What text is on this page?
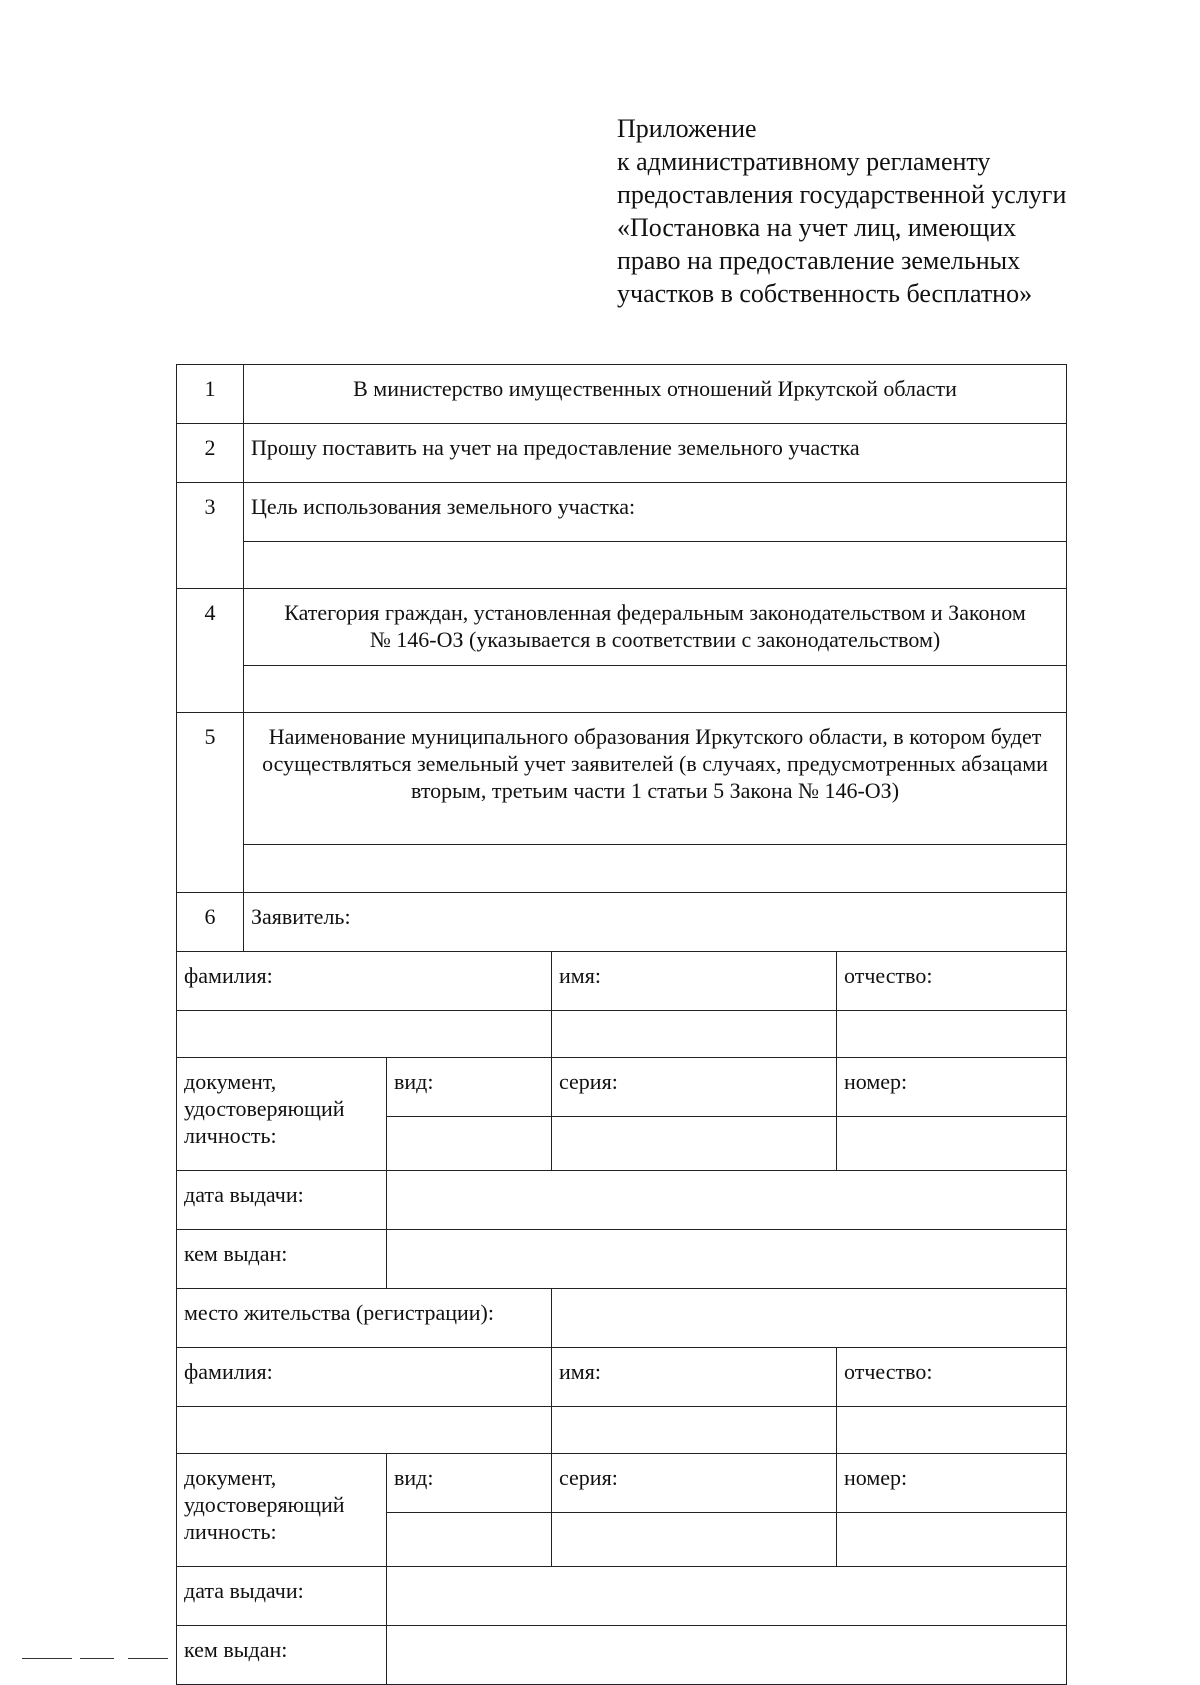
Приложение
к административному регламенту
предоставления государственной услуги
«Постановка на учет лиц, имеющих
право на предоставление земельных
участков в собственность бесплатно»
1	В министерство имущественных отношений Иркутской области			
2	Прошу поставить на учет на предоставление земельного участка			
3	Цель использования земельного участка:			

4	Категория граждан, установленная федеральным законодательством и Законом № 146-ОЗ (указывается в соответствии с законодательством)			

5	Наименование муниципального образования Иркутского области, в котором будет осуществляться земельный учет заявителей (в случаях, предусмотренных абзацами вторым, третьим части 1 статьи 5 Закона № 146-ОЗ)			

6	Заявитель:			
фамилия:			имя:	отчество:

документ, удостоверяющий личность:		вид:	серия:	номер:

дата выдачи:				
кем выдан:				
место жительства (регистрации):				
фамилия:			имя:	отчество:

документ, удостоверяющий личность:		вид:	серия:	номер:

дата выдачи:				
кем выдан:				
